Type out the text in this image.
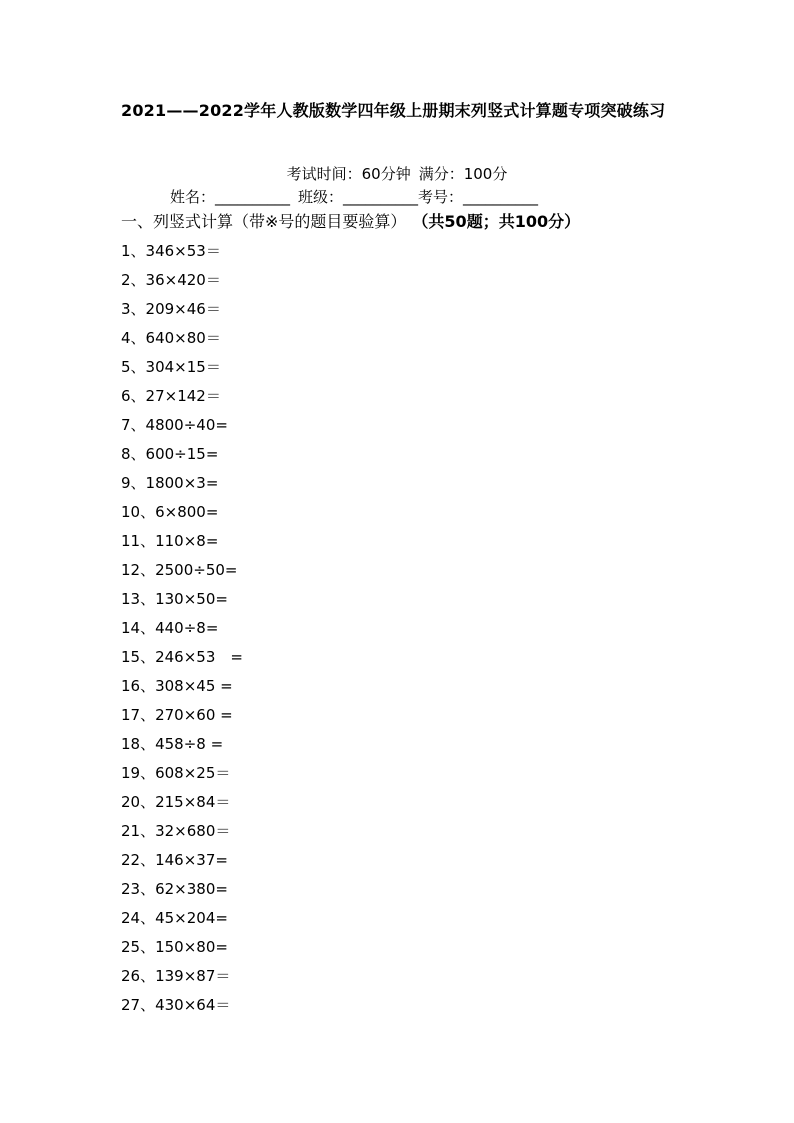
2021——2022学年人教版数学四年级上册期末列竖式计算题专项突破练习
考试时间：60分钟 满分：100分
姓名：__________ 班级：__________考号：__________
一、列竖式计算（带※号的题目要验算） （共50题；共100分）
1、346×53＝
2、36×420＝
3、209×46＝
4、640×80＝
5、304×15＝
6、27×142＝
7、4800÷40=
8、600÷15=
9、1800×3=
10、6×800=
11、110×8=
12、2500÷50=
13、130×50=
14、440÷8=
15、246×53　=
16、308×45 =
17、270×60 =
18、458÷8 =
19、608×25＝
20、215×84＝
21、32×680＝
22、146×37=
23、62×380=
24、45×204=
25、150×80=
26、139×87＝
27、430×64＝
